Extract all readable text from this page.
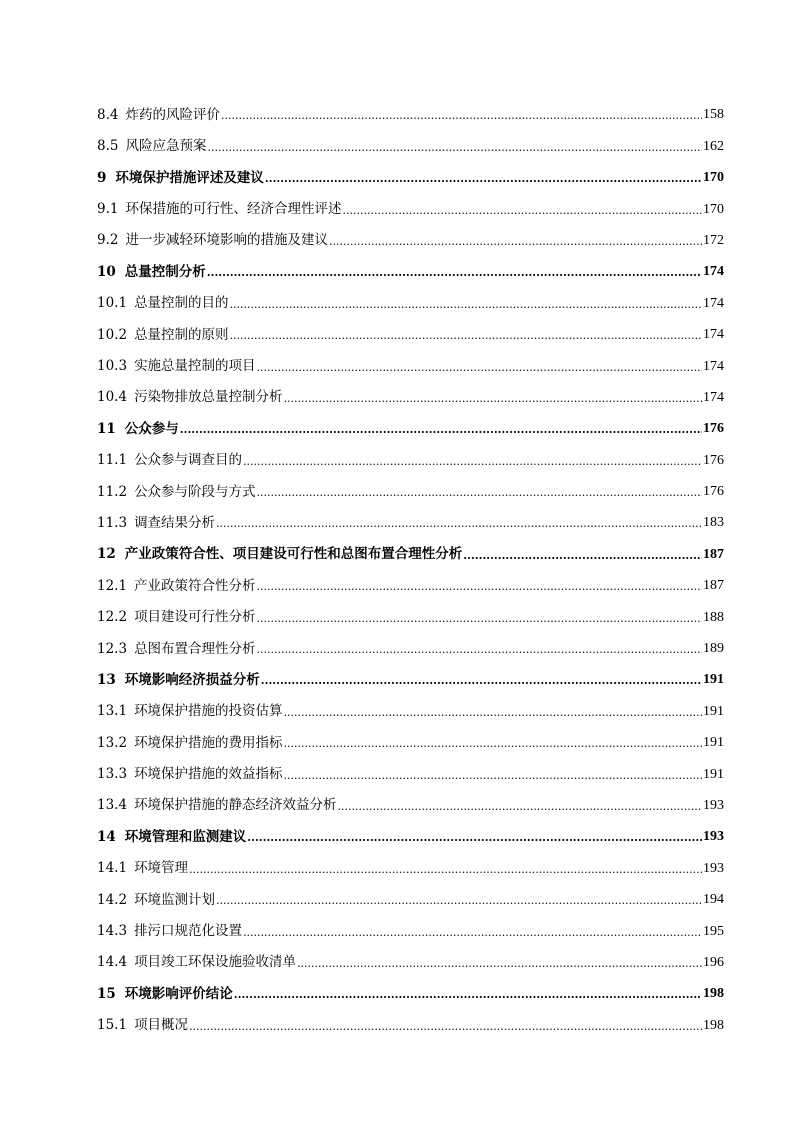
8.4 炸药的风险评价 .....	158
8.5 风险应急预案 .....	162
9 环境保护措施评述及建议 .....	170
9.1 环保措施的可行性、经济合理性评述 .....	170
9.2 进一步减轻环境影响的措施及建议 .....	172
10 总量控制分析 .....	174
10.1 总量控制的目的 .....	174
10.2 总量控制的原则 .....	174
10.3 实施总量控制的项目 .....	174
10.4 污染物排放总量控制分析 .....	174
11 公众参与 .....	176
11.1 公众参与调查目的 .....	176
11.2 公众参与阶段与方式 .....	176
11.3 调查结果分析 .....	183
12 产业政策符合性、项目建设可行性和总图布置合理性分析 .....	187
12.1 产业政策符合性分析 .....	187
12.2 项目建设可行性分析 .....	188
12.3 总图布置合理性分析 .....	189
13 环境影响经济损益分析 .....	191
13.1 环境保护措施的投资估算 .....	191
13.2 环境保护措施的费用指标 .....	191
13.3 环境保护措施的效益指标 .....	191
13.4 环境保护措施的静态经济效益分析 .....	193
14 环境管理和监测建议 .....	193
14.1 环境管理 .....	193
14.2 环境监测计划 .....	194
14.3 排污口规范化设置 .....	195
14.4 项目竣工环保设施验收清单 .....	196
15 环境影响评价结论 .....	198
15.1 项目概况 .....	198
